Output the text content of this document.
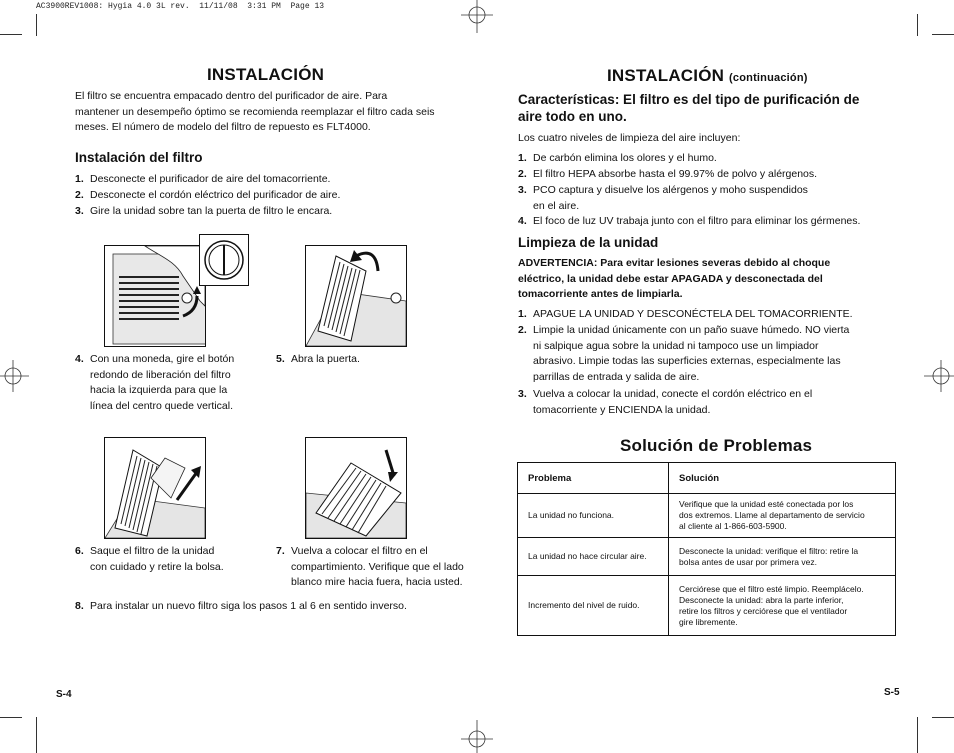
AC3900REV1008: Hygia 4.0 3L rev.  11/11/08  3:31 PM  Page 13
INSTALACIÓN
El filtro se encuentra empacado dentro del purificador de aire. Para
mantener un desempeño óptimo se recomienda reemplazar el filtro cada seis
meses. El número de modelo del filtro de repuesto es FLT4000.
Instalación del filtro
1. Desconecte el purificador de aire del tomacorriente.
2. Desconecte el cordón eléctrico del purificador de aire.
3. Gire la unidad sobre tan la puerta de filtro le encara.
4. Con una moneda, gire el botón
redondo de liberación del filtro
hacia la izquierda para que la
línea del centro quede vertical.
5. Abra la puerta.
6. Saque el filtro de la unidad
con cuidado y retire la bolsa.
7. Vuelva a colocar el filtro en el
compartimiento. Verifique que el lado
blanco mire hacia fuera, hacia usted.
8. Para instalar un nuevo filtro siga los pasos 1 al 6 en sentido inverso.
S-4
INSTALACIÓN (continuación)
Características: El filtro es del tipo de purificación de
aire todo en uno.
Los cuatro niveles de limpieza del aire incluyen:
1. De carbón elimina los olores y el humo.
2. El filtro HEPA absorbe hasta el 99.97% de polvo y alérgenos.
3. PCO captura y disuelve los alérgenos y moho suspendidos
en el aire.
4. El foco de luz UV trabaja junto con el filtro para eliminar los gérmenes.
Limpieza de la unidad
ADVERTENCIA: Para evitar lesiones severas debido al choque
eléctrico, la unidad debe estar APAGADA y desconectada del
tomacorriente antes de limpiarla.
1. APAGUE LA UNIDAD Y DESCONÉCTELA DEL TOMACORRIENTE.
2. Limpie la unidad únicamente con un paño suave húmedo. NO vierta
ni salpique agua sobre la unidad ni tampoco use un limpiador
abrasivo. Limpie todas las superficies externas, especialmente las
parrillas de entrada y salida de aire.
3. Vuelva a colocar la unidad, conecte el cordón eléctrico en el
tomacorriente y ENCIENDA la unidad.
Solución de Problemas
Problema	Solución
La unidad no funciona.	Verifique que la unidad esté conectada por los
dos extremos. Llame al departamento de servicio
al cliente al 1-866-603-5900.

La unidad no hace circular aire.	Desconecte la unidad: verifique el filtro: retire la
bolsa antes de usar por primera vez.

Incremento del nivel de ruido.	Cerciórese que el filtro esté limpio. Reemplácelo.
Desconecte la unidad: abra la parte inferior,
retire los filtros y cerciórese que el ventilador
gire libremente.
S-5
